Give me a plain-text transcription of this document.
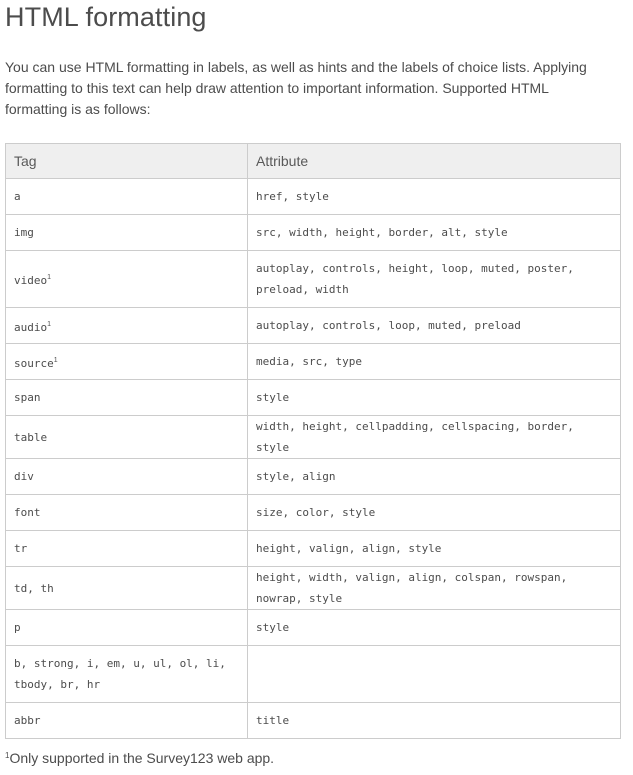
HTML formatting

You can use HTML formatting in labels, as well as hints and the labels of choice lists. Applying formatting to this text can help draw attention to important information. Supported HTML formatting is as follows:

Tag	Attribute
a	href, style
img	src, width, height, border, alt, style
video$^1$	autoplay, controls, height, loop, muted, poster, preload, width
audio$^1$	autoplay, controls, loop, muted, preload
source$^1$	media, src, type
span	style
table	width, height, cellpadding, cellspacing, border, style
div	style, align
font	size, color, style
tr	height, valign, align, style
td, th	height, width, valign, align, colspan, rowspan, nowrap, style
p	style
b, strong, i, em, u, ul, ol, li, tbody, br, hr	
abbr	title

$^1$Only supported in the Survey123 web app.
